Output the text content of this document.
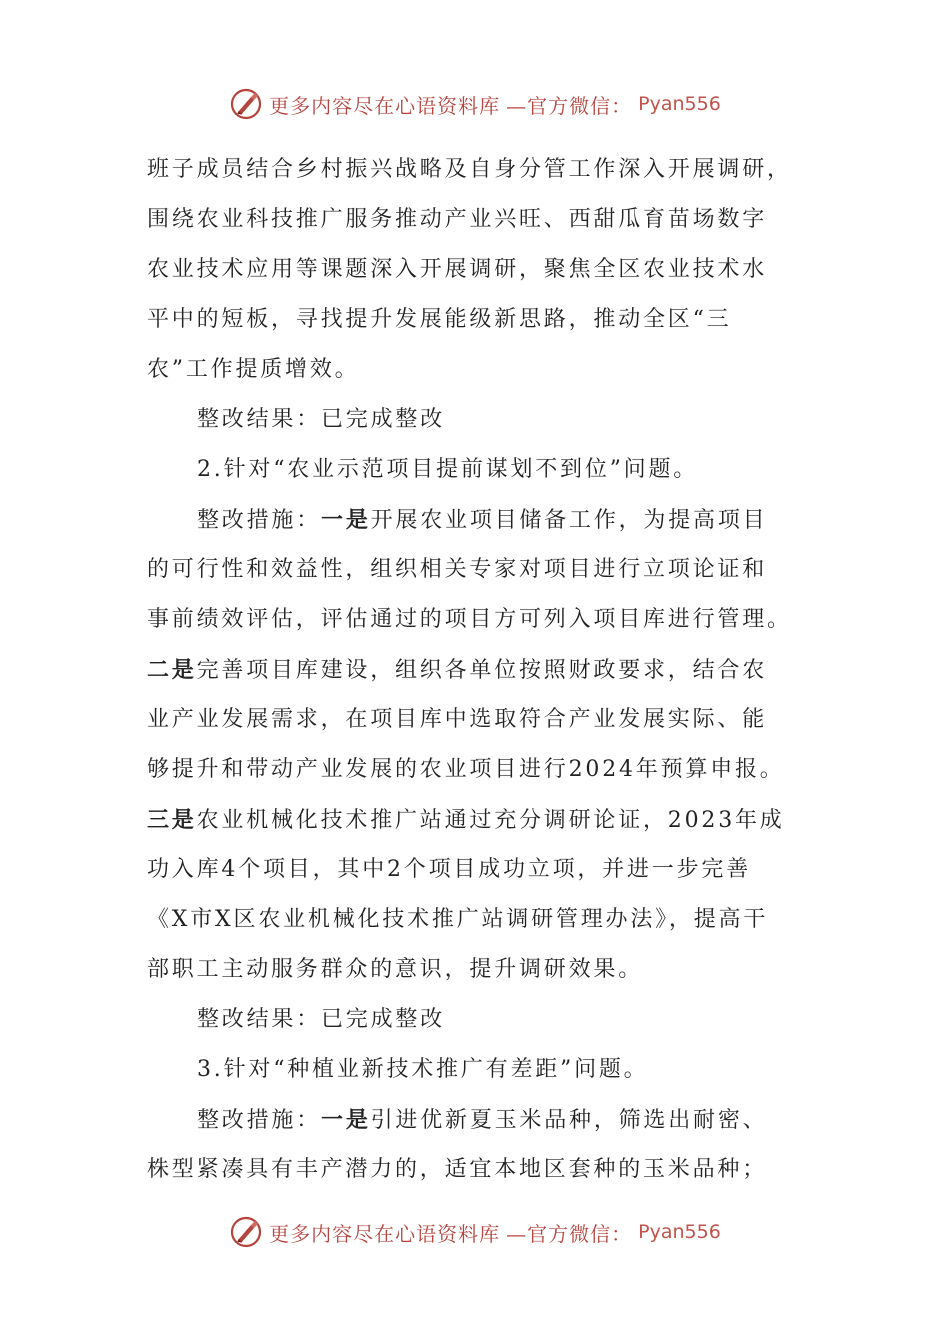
更多内容尽在心语资料库 —官方微信： Pyan556
班子成员结合乡村振兴战略及自身分管工作深入开展调研，
围绕农业科技推广服务推动产业兴旺、西甜瓜育苗场数字
农业技术应用等课题深入开展调研，聚焦全区农业技术水
平中的短板，寻找提升发展能级新思路，推动全区“三
农”工作提质增效。
整改结果：已完成整改
2.针对“农业示范项目提前谋划不到位”问题。
整改措施：一是开展农业项目储备工作，为提高项目
的可行性和效益性，组织相关专家对项目进行立项论证和
事前绩效评估，评估通过的项目方可列入项目库进行管理。
二是完善项目库建设，组织各单位按照财政要求，结合农
业产业发展需求，在项目库中选取符合产业发展实际、能
够提升和带动产业发展的农业项目进行2024年预算申报。
三是农业机械化技术推广站通过充分调研论证，2023年成
功入库4个项目，其中2个项目成功立项，并进一步完善
《X市X区农业机械化技术推广站调研管理办法》，提高干
部职工主动服务群众的意识，提升调研效果。
整改结果：已完成整改
3.针对“种植业新技术推广有差距”问题。
整改措施：一是引进优新夏玉米品种，筛选出耐密、
株型紧凑具有丰产潜力的，适宜本地区套种的玉米品种；
更多内容尽在心语资料库 —官方微信： Pyan556
